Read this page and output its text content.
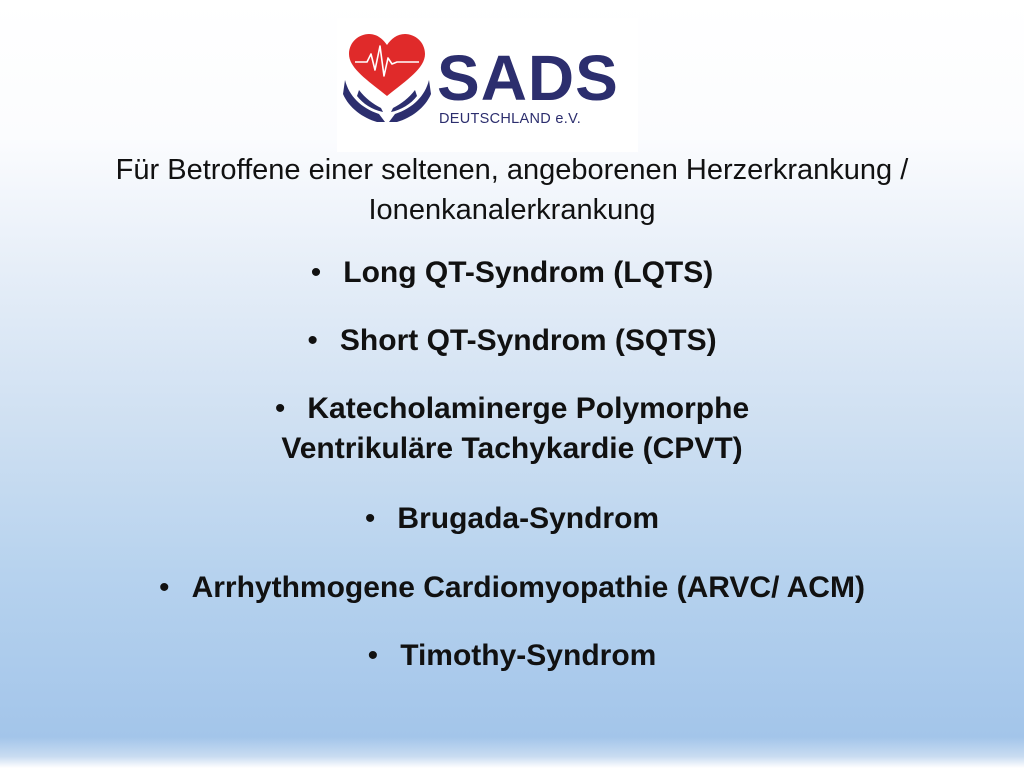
SADS
DEUTSCHLAND e.V.
Für Betroffene einer seltenen, angeborenen Herzerkrankung /
Ionenkanalerkrankung
• Long QT-Syndrom (LQTS)
• Short QT-Syndrom (SQTS)
• Katecholaminerge Polymorphe
Ventrikuläre Tachykardie (CPVT)
• Brugada-Syndrom
• Arrhythmogene Cardiomyopathie (ARVC/ ACM)
• Timothy-Syndrom
